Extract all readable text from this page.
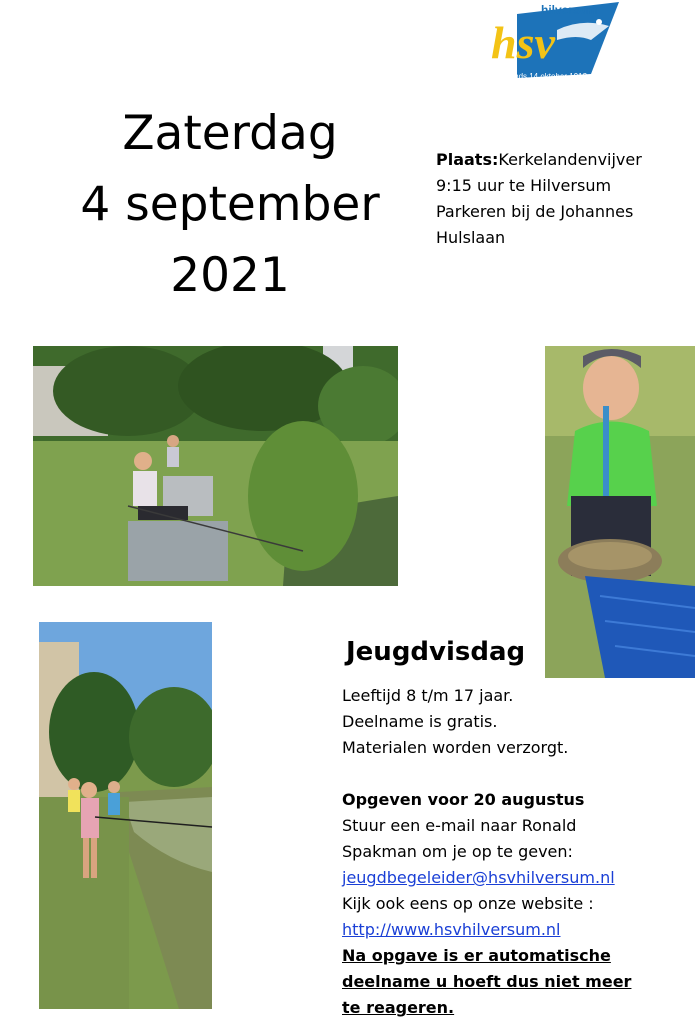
hsv
hilversum
Sinds 14 oktober 1913
Zaterdag
4 september
2021
Plaats:Kerkelandenvijver
9:15 uur te Hilversum
Parkeren bij de Johannes
Hulslaan
Jeugdvisdag
Leeftijd 8 t/m 17 jaar.
Deelname is gratis.
Materialen worden verzorgt.
Opgeven voor 20 augustus
Stuur een e-mail naar Ronald
Spakman om je op te geven:
jeugdbegeleider@hsvhilversum.nl
Kijk ook eens op onze website :
http://www.hsvhilversum.nl
Na opgave is er automatische
deelname u hoeft dus niet meer
te reageren.
